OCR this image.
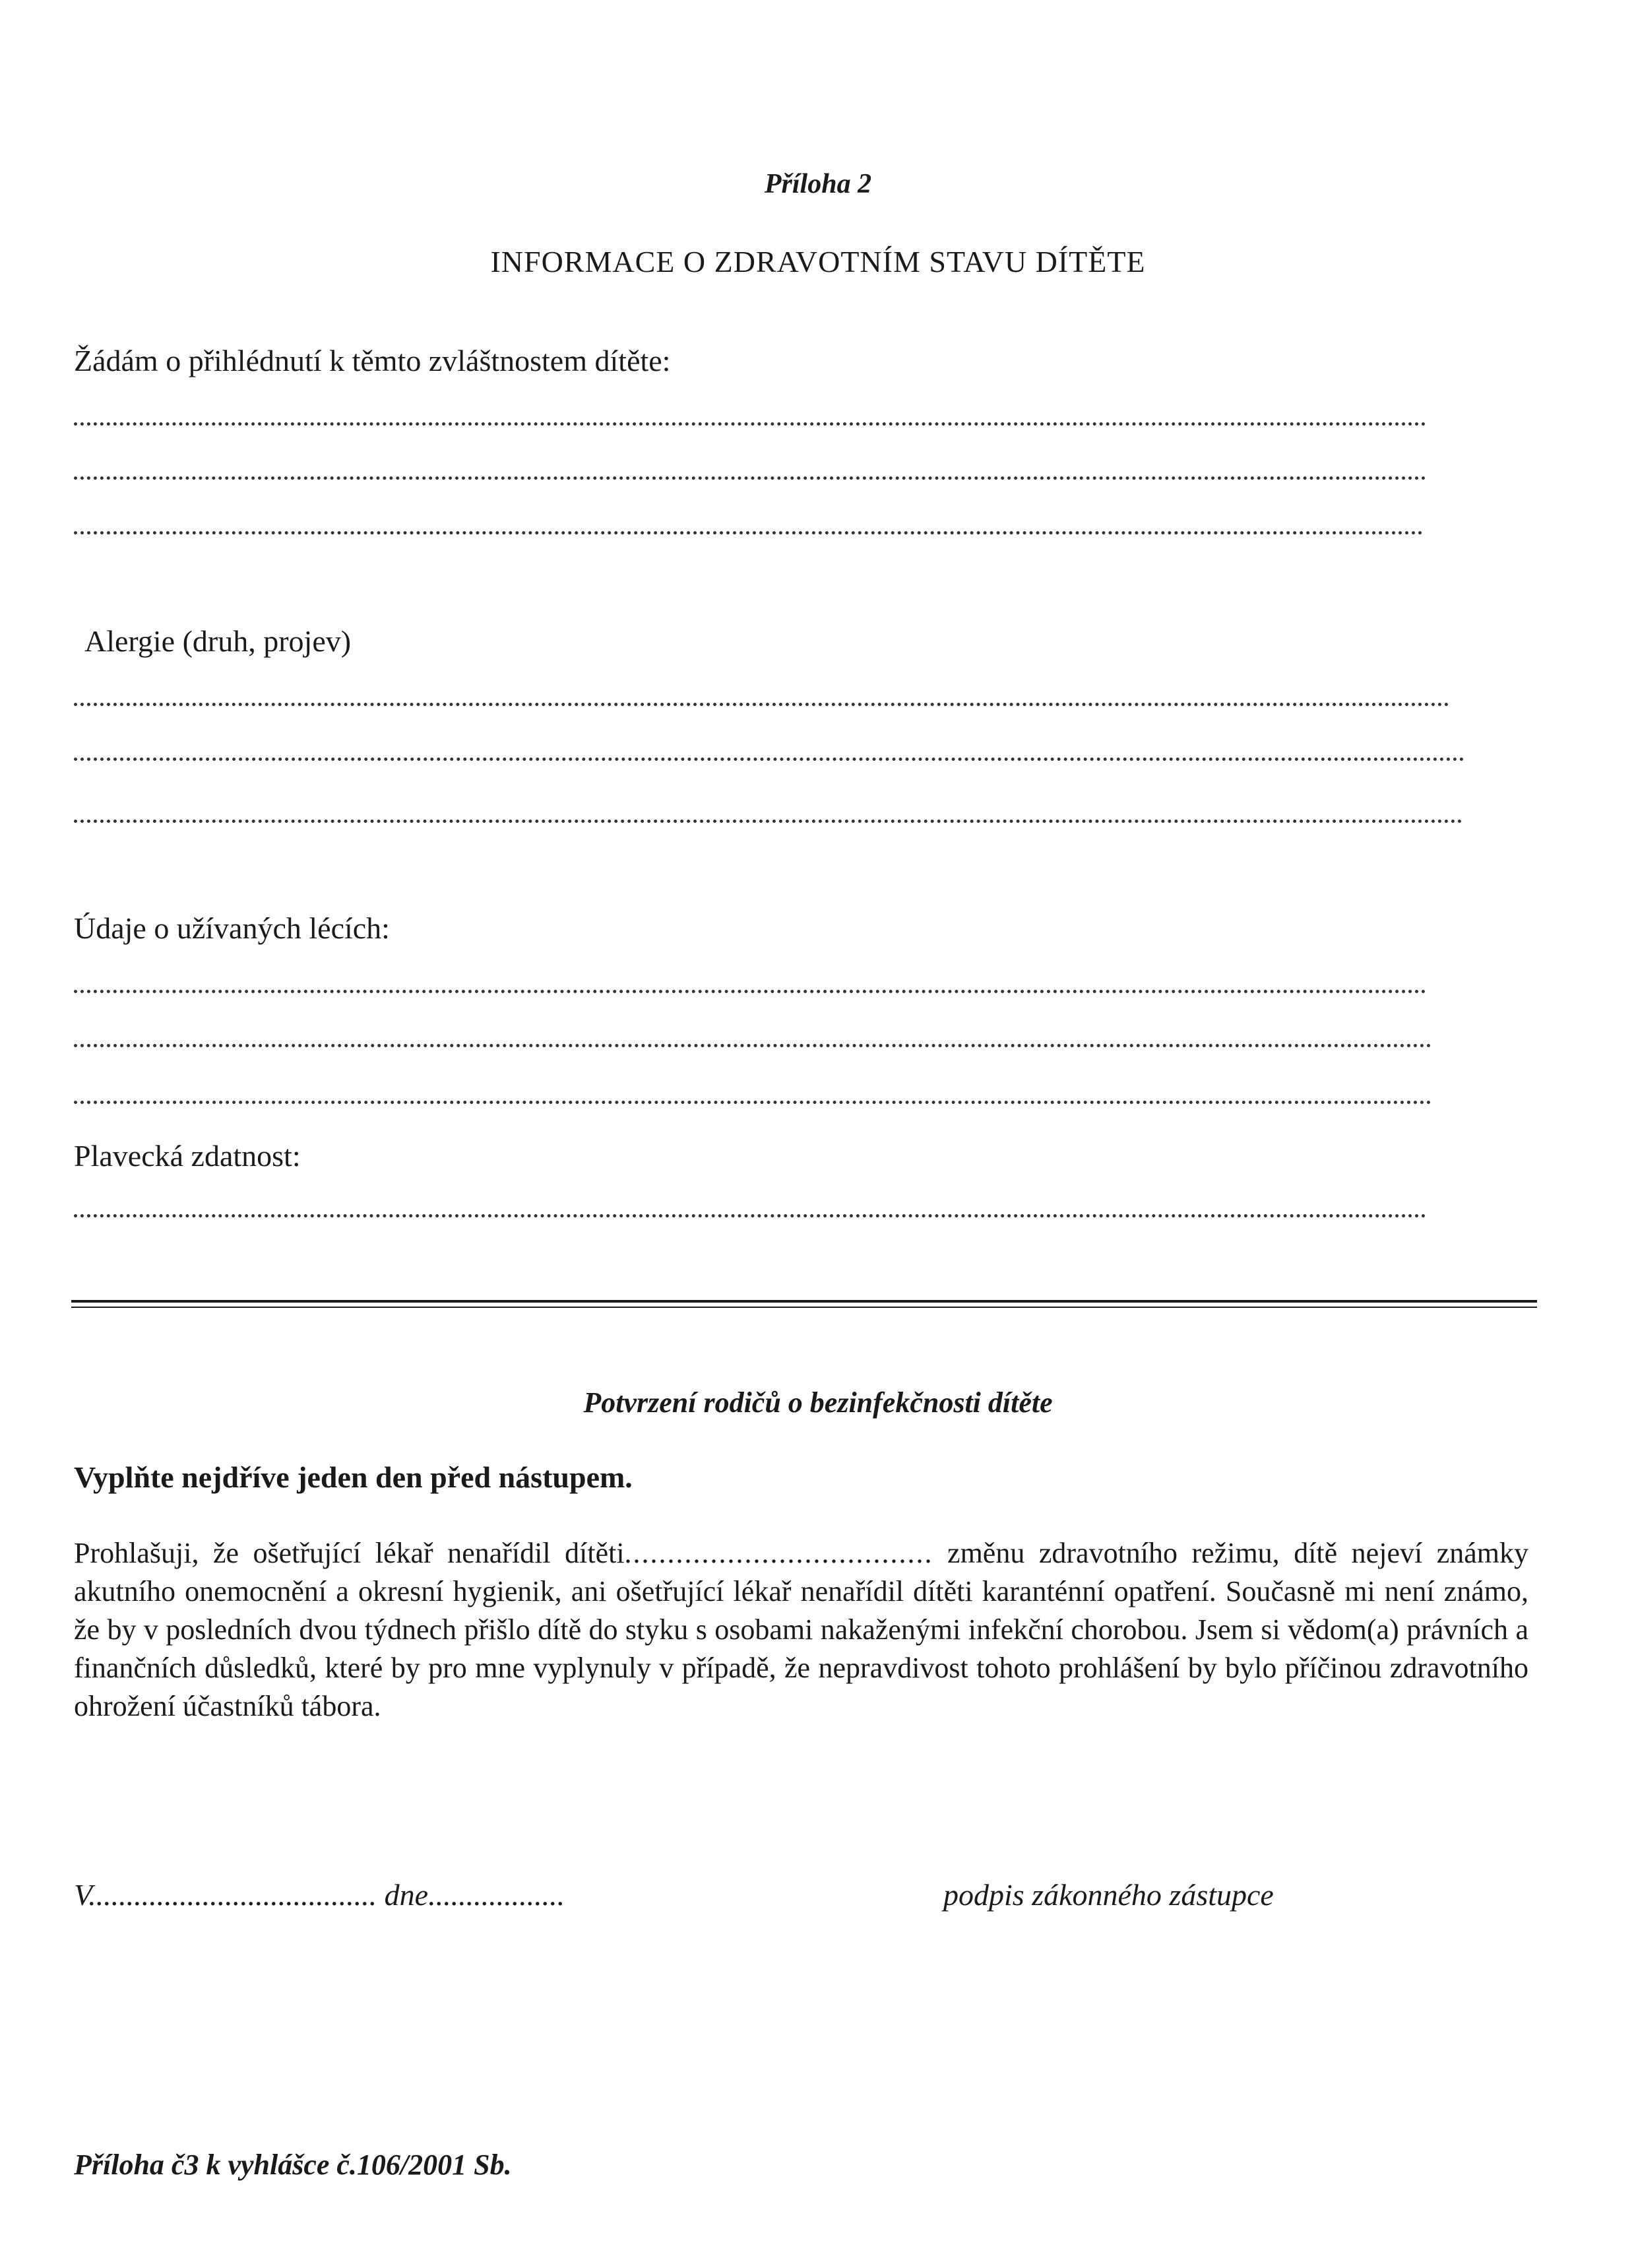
Příloha 2
INFORMACE O ZDRAVOTNÍM STAVU DÍTĚTE
Žádám o přihlédnutí k těmto zvláštnostem dítěte:
Alergie (druh, projev)
Údaje o užívaných lécích:
Plavecká zdatnost:
Potvrzení rodičů o bezinfekčnosti dítěte
Vyplňte nejdříve jeden den před nástupem.
Prohlašuji, že ošetřující lékař nenařídil dítěti.................................... změnu zdravotního režimu, dítě nejeví známky akutního onemocnění a okresní hygienik, ani ošetřující lékař nenařídil dítěti karanténní opatření. Současně mi není známo, že by v posledních dvou týdnech přišlo dítě do styku s osobami nakaženými infekční chorobou. Jsem si vědom(a) právních a finančních důsledků, které by pro mne vyplynuly v případě, že nepravdivost tohoto prohlášení by bylo příčinou zdravotního ohrožení účastníků tábora.
V...................................... dne..................	podpis zákonného zástupce
Příloha č3 k vyhlášce č.106/2001 Sb.
